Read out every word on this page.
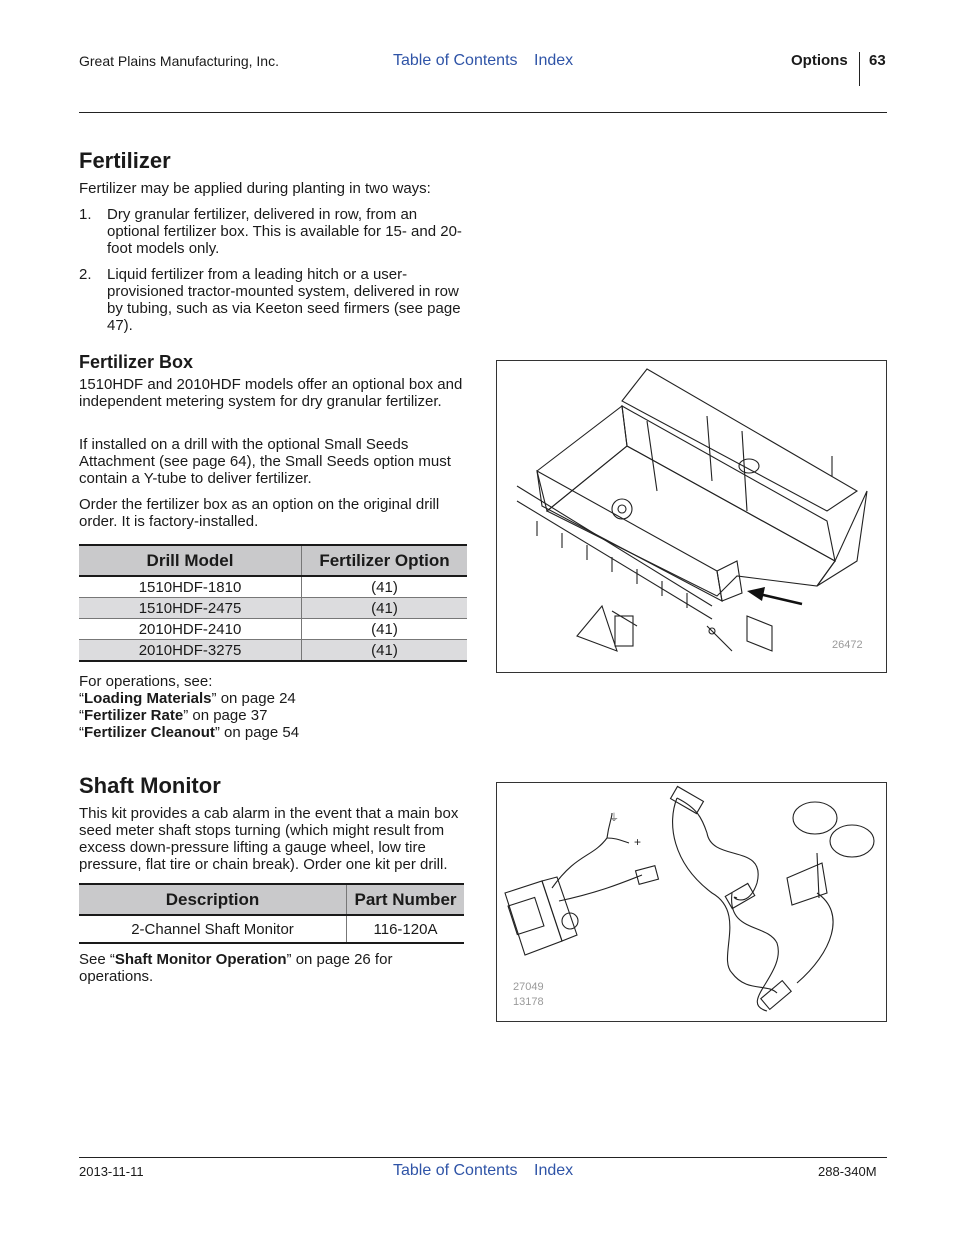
Great Plains Manufacturing, Inc.	Table of Contents Index	Options 63
Fertilizer

Fertilizer may be applied during planting in two ways:

1. Dry granular fertilizer, delivered in row, from an optional fertilizer box. This is available for 15- and 20-foot models only.
2. Liquid fertilizer from a leading hitch or a user-provisioned tractor-mounted system, delivered in row by tubing, such as via Keeton seed firmers (see page 47).
Fertilizer Box

1510HDF and 2010HDF models offer an optional box and independent metering system for dry granular fertilizer.

If installed on a drill with the optional Small Seeds Attachment (see page 64), the Small Seeds option must contain a Y-tube to deliver fertilizer.

Order the fertilizer box as an option on the original drill order. It is factory-installed.

Drill Model	Fertilizer Option
1510HDF-1810	(41)
1510HDF-2475	(41)
2010HDF-2410	(41)
2010HDF-3275	(41)

For operations, see:

“Loading Materials” on page 24
“Fertilizer Rate” on page 37
“Fertilizer Cleanout” on page 54
26472
Shaft Monitor

This kit provides a cab alarm in the event that a main box seed meter shaft stops turning (which might result from excess down-pressure lifting a gauge wheel, low tire pressure, flat tire or chain break). Order one kit per drill.

Description	Part Number
2-Channel Shaft Monitor	116-120A

See “Shaft Monitor Operation” on page 26 for operations.

⏚
+
27049
13178
2013-11-11	Table of Contents Index	288-340M
